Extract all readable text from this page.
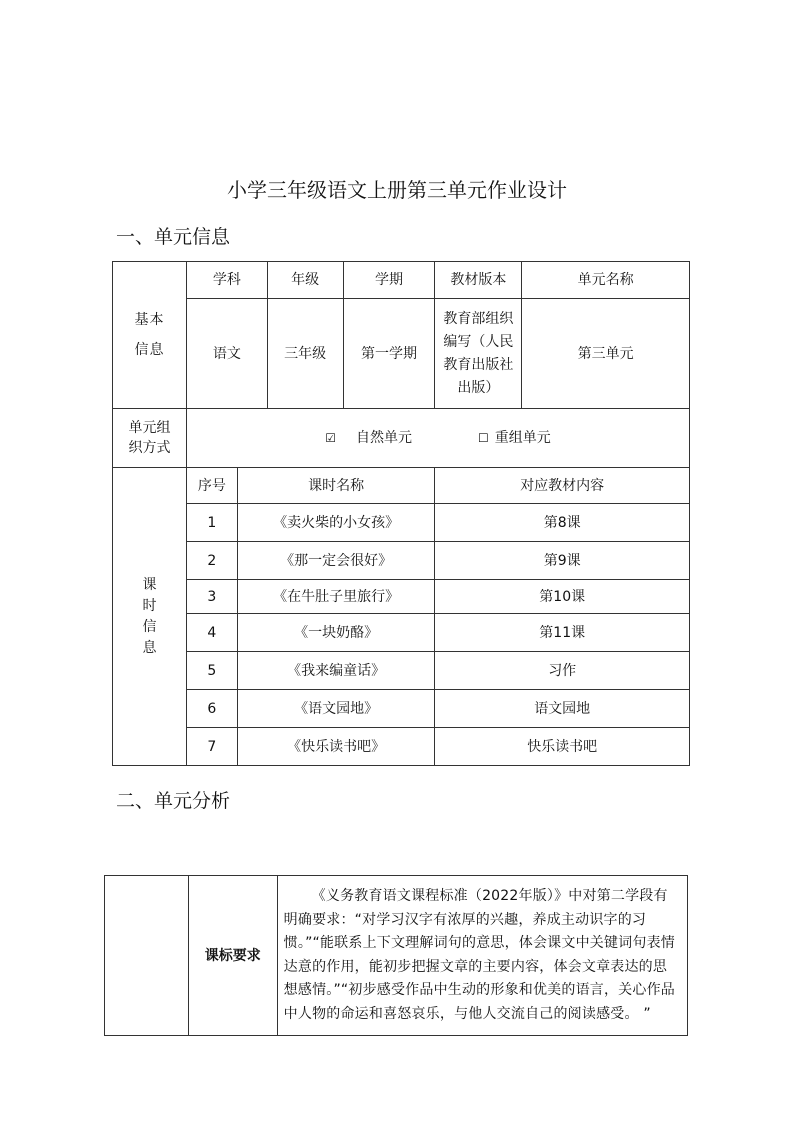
小学三年级语文上册第三单元作业设计
一、单元信息
基本信息	学科		年级	学期	教材版本	单元名称
	语文		三年级	第一学期	教育部组织编写（人民教育出版社出版）	第三单元

单元组织方式	☑ 自然单元 ☐ 重组单元					

课时信息	序号	课时名称			对应教材内容	
	1	《卖火柴的小女孩》			第8课	
	2	《那一定会很好》			第9课	
	3	《在牛肚子里旅行》			第10课	
	4	《一块奶酪》			第11课	
	5	《我来编童话》			习作	
	6	《语文园地》			语文园地	
	7	《快乐读书吧》			快乐读书吧	
二、单元分析
	课标要求	《义务教育语文课程标准（2022年版）》中对第二学段有明确要求：“对学习汉字有浓厚的兴趣，养成主动识字的习惯。”“能联系上下文理解词句的意思，体会课文中关键词句表情达意的作用，能初步把握文章的主要内容，体会文章表达的思想感情。”“初步感受作品中生动的形象和优美的语言，关心作品中人物的命运和喜怒哀乐，与他人交流自己的阅读感受。 ”
